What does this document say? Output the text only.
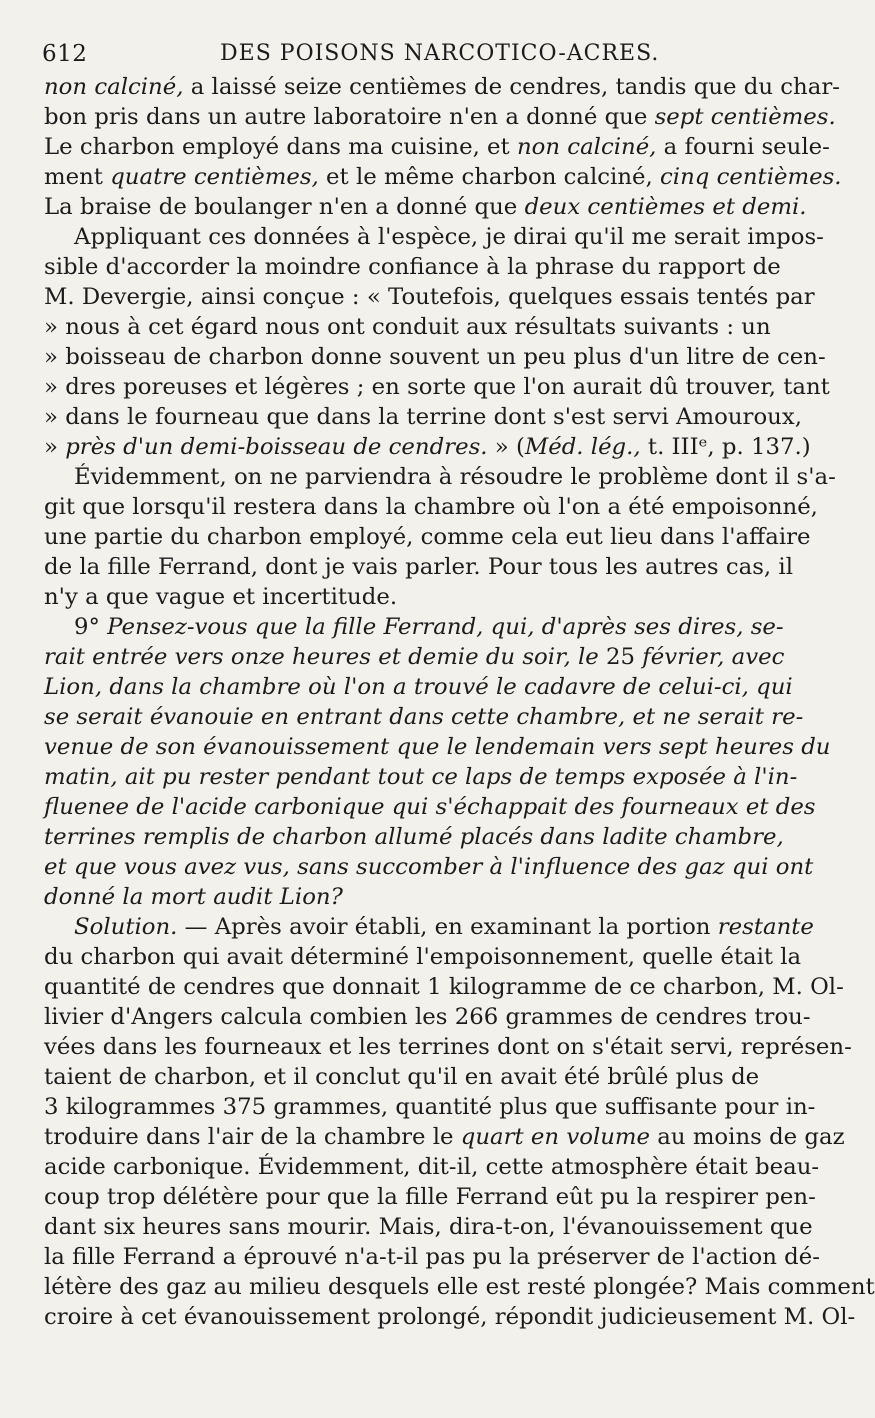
612	DES POISONS NARCOTICO-ACRES.
non calciné, a laissé seize centièmes de cendres, tandis que du char-
bon pris dans un autre laboratoire n'en a donné que sept centièmes.
Le charbon employé dans ma cuisine, et non calciné, a fourni seule-
ment quatre centièmes, et le même charbon calciné, cinq centièmes.
La braise de boulanger n'en a donné que deux centièmes et demi.
Appliquant ces données à l'espèce, je dirai qu'il me serait impos-
sible d'accorder la moindre confiance à la phrase du rapport de
M. Devergie, ainsi conçue : « Toutefois, quelques essais tentés par
» nous à cet égard nous ont conduit aux résultats suivants : un
» boisseau de charbon donne souvent un peu plus d'un litre de cen-
» dres poreuses et légères ; en sorte que l'on aurait dû trouver, tant
» dans le fourneau que dans la terrine dont s'est servi Amouroux,
» près d'un demi-boisseau de cendres. » (Méd. lég., t. IIIᵉ, p. 137.)
Évidemment, on ne parviendra à résoudre le problème dont il s'a-
git que lorsqu'il restera dans la chambre où l'on a été empoisonné,
une partie du charbon employé, comme cela eut lieu dans l'affaire
de la fille Ferrand, dont je vais parler. Pour tous les autres cas, il
n'y a que vague et incertitude.
9° Pensez-vous que la fille Ferrand, qui, d'après ses dires, se-
rait entrée vers onze heures et demie du soir, le 25 février, avec
Lion, dans la chambre où l'on a trouvé le cadavre de celui-ci, qui
se serait évanouie en entrant dans cette chambre, et ne serait re-
venue de son évanouissement que le lendemain vers sept heures du
matin, ait pu rester pendant tout ce laps de temps exposée à l'in-
fluenee de l'acide carbonique qui s'échappait des fourneaux et des
terrines remplis de charbon allumé placés dans ladite chambre,
et que vous avez vus, sans succomber à l'influence des gaz qui ont
donné la mort audit Lion?
Solution. — Après avoir établi, en examinant la portion restante
du charbon qui avait déterminé l'empoisonnement, quelle était la
quantité de cendres que donnait 1 kilogramme de ce charbon, M. Ol-
livier d'Angers calcula combien les 266 grammes de cendres trou-
vées dans les fourneaux et les terrines dont on s'était servi, représen-
taient de charbon, et il conclut qu'il en avait été brûlé plus de
3 kilogrammes 375 grammes, quantité plus que suffisante pour in-
troduire dans l'air de la chambre le quart en volume au moins de gaz
acide carbonique. Évidemment, dit-il, cette atmosphère était beau-
coup trop délétère pour que la fille Ferrand eût pu la respirer pen-
dant six heures sans mourir. Mais, dira-t-on, l'évanouissement que
la fille Ferrand a éprouvé n'a-t-il pas pu la préserver de l'action dé-
létère des gaz au milieu desquels elle est resté plongée? Mais comment
croire à cet évanouissement prolongé, répondit judicieusement M. Ol-
